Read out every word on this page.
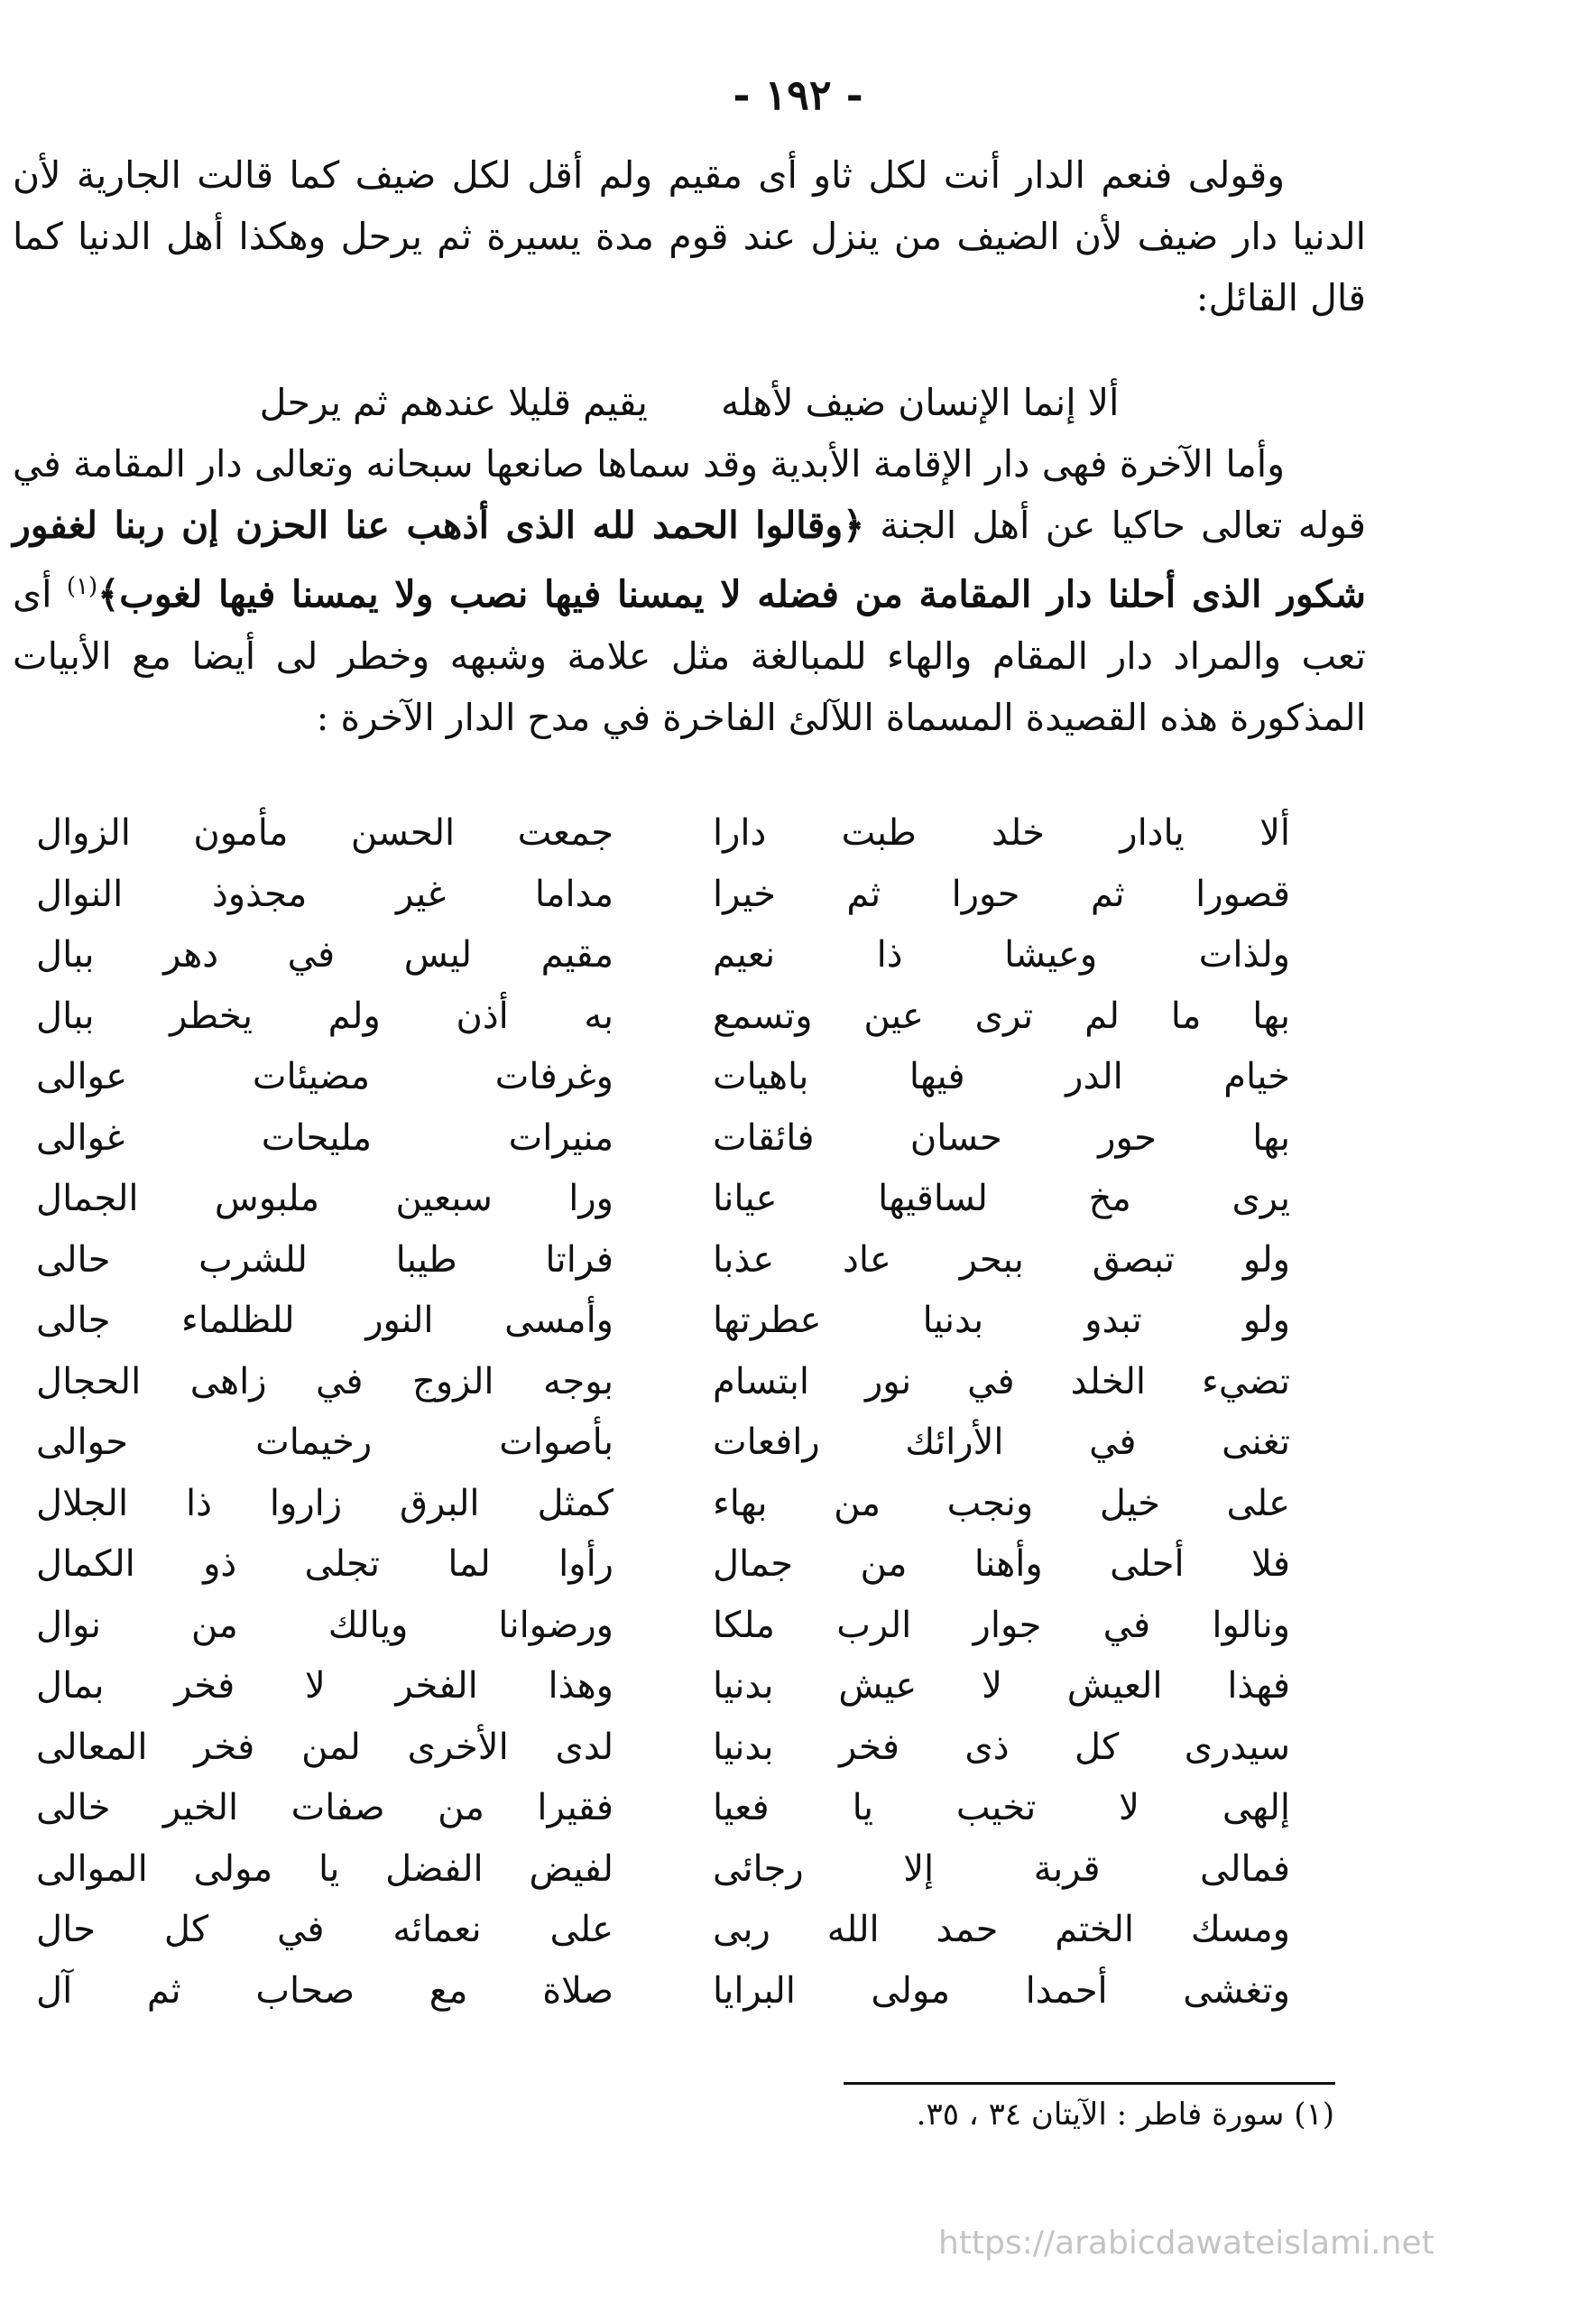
- ١٩٢ -

وقولى فنعم الدار أنت لكل ثاو أى مقيم ولم أقل لكل ضيف كما قالت الجارية لأن الدنيا دار ضيف لأن الضيف من ينزل عند قوم مدة يسيرة ثم يرحل وهكذا أهل الدنيا كما قال القائل:

ألا إنما الإنسان ضيف لأهله يقيم قليلا عندهم ثم يرحل

وأما الآخرة فهى دار الإقامة الأبدية وقد سماها صانعها سبحانه وتعالى دار المقامة في قوله تعالى حاكيا عن أهل الجنة ﴿وقالوا الحمد لله الذى أذهب عنا الحزن إن ربنا لغفور شكور الذى أحلنا دار المقامة من فضله لا يمسنا فيها نصب ولا يمسنا فيها لغوب﴾$^{(١)}$ أى تعب والمراد دار المقام والهاء للمبالغة مثل علامة وشبهه وخطر لى أيضا مع الأبيات المذكورة هذه القصيدة المسماة اللآلئ الفاخرة في مدح الدار الآخرة :

ألا يادار خلد طبت دارا
قصورا ثم حورا ثم خيرا
ولذات وعيشا ذا نعيم
بها ما لم ترى عين وتسمع
خيام الدر فيها باهيات
بها حور حسان فائقات
يرى مخ لساقيها عيانا
ولو تبصق ببحر عاد عذبا
ولو تبدو بدنيا عطرتها
تضيء الخلد في نور ابتسام
تغنى في الأرائك رافعات
على خيل ونجب من بهاء
فلا أحلى وأهنا من جمال
ونالوا في جوار الرب ملكا
فهذا العيش لا عيش بدنيا
سيدرى كل ذى فخر بدنيا
إلهى لا تخيب يا فعيا
فمالى قربة إلا رجائى
ومسك الختم حمد الله ربى
وتغشى أحمدا مولى البرايا
جمعت الحسن مأمون الزوال
مداما غير مجذوذ النوال
مقيم ليس في دهر ببال
به أذن ولم يخطر ببال
وغرفات مضيئات عوالى
منيرات مليحات غوالى
ورا سبعين ملبوس الجمال
فراتا طيبا للشرب حالى
وأمسى النور للظلماء جالى
بوجه الزوج في زاهى الحجال
بأصوات رخيمات حوالى
كمثل البرق زاروا ذا الجلال
رأوا لما تجلى ذو الكمال
ورضوانا ويالك من نوال
وهذا الفخر لا فخر بمال
لدى الأخرى لمن فخر المعالى
فقيرا من صفات الخير خالى
لفيض الفضل يا مولى الموالى
على نعمائه في كل حال
صلاة مع صحاب ثم آل
(١) سورة فاطر : الآيتان ٣٤ ، ٣٥.
https://arabicdawateislami.net
